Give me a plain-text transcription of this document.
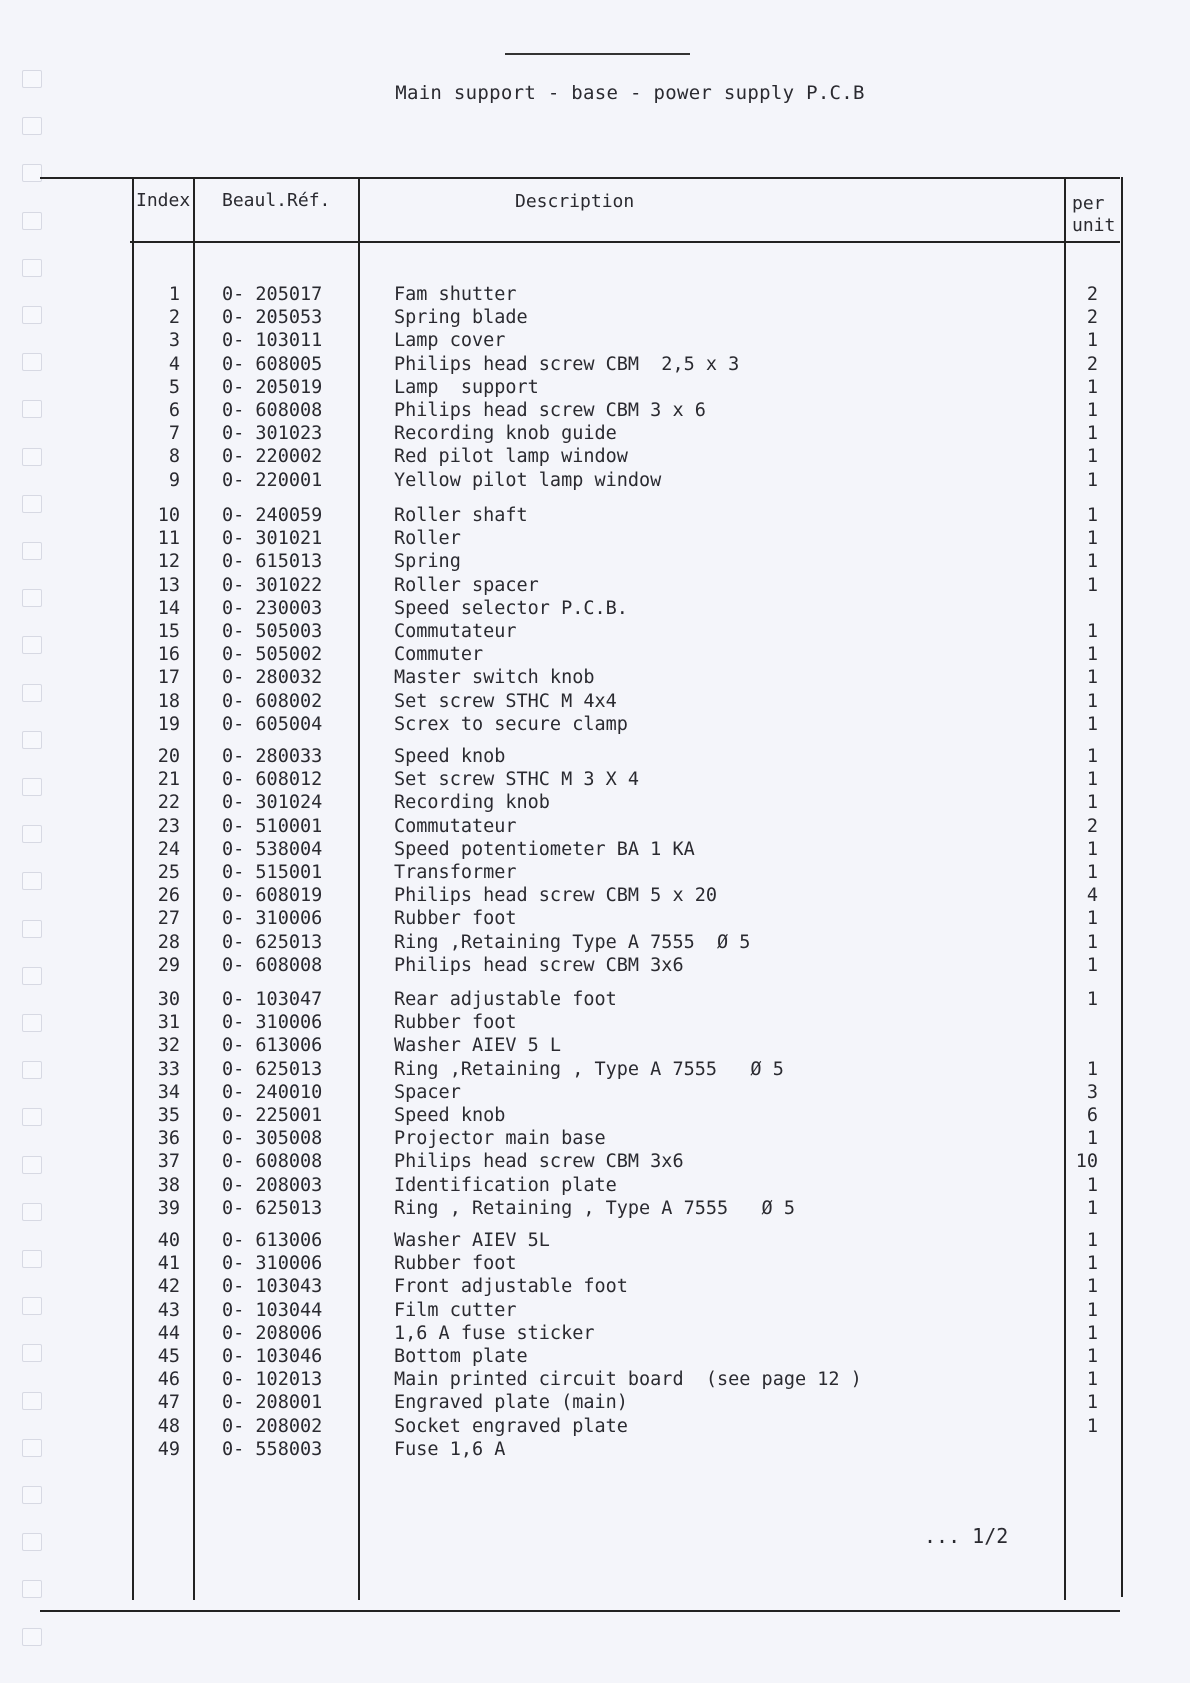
Main support - base - power supply P.C.B
Index Beaul.Réf.	Description	per unit
1 0- 205017	Fam shutter	2
2 0- 205053	Spring blade	2
3 0- 103011	Lamp cover	1
4 0- 608005	Philips head screw CBM  2,5 x 3	2
5 0- 205019	Lamp  support	1
6 0- 608008	Philips head screw CBM 3 x 6	1
7 0- 301023	Recording knob guide	1
8 0- 220002	Red pilot lamp window	1
9 0- 220001	Yellow pilot lamp window	1
10 0- 240059	Roller shaft	1
11 0- 301021	Roller	1
12 0- 615013	Spring	1
13 0- 301022	Roller spacer	1
14 0- 230003	Speed selector P.C.B.
15 0- 505003	Commutateur	1
16 0- 505002	Commuter	1
17 0- 280032	Master switch knob	1
18 0- 608002	Set screw STHC M 4x4	1
19 0- 605004	Screx to secure clamp	1
20 0- 280033	Speed knob	1
21 0- 608012	Set screw STHC M 3 X 4	1
22 0- 301024	Recording knob	1
23 0- 510001	Commutateur	2
24 0- 538004	Speed potentiometer BA 1 KA	1
25 0- 515001	Transformer	1
26 0- 608019	Philips head screw CBM 5 x 20	4
27 0- 310006	Rubber foot	1
28 0- 625013	Ring ,Retaining Type A 7555  Ø 5	1
29 0- 608008	Philips head screw CBM 3x6	1
30 0- 103047	Rear adjustable foot	1
31 0- 310006	Rubber foot
32 0- 613006	Washer AIEV 5 L
33 0- 625013	Ring ,Retaining , Type A 7555   Ø 5	1
34 0- 240010	Spacer	3
35 0- 225001	Speed knob	6
36 0- 305008	Projector main base	1
37 0- 608008	Philips head screw CBM 3x6	10
38 0- 208003	Identification plate	1
39 0- 625013	Ring , Retaining , Type A 7555   Ø 5	1
40 0- 613006	Washer AIEV 5L	1
41 0- 310006	Rubber foot	1
42 0- 103043	Front adjustable foot	1
43 0- 103044	Film cutter	1
44 0- 208006	1,6 A fuse sticker	1
45 0- 103046	Bottom plate	1
46 0- 102013	Main printed circuit board  (see page 12 )	1
47 0- 208001	Engraved plate (main)	1
48 0- 208002	Socket engraved plate	1
49 0- 558003	Fuse 1,6 A
... 1/2
